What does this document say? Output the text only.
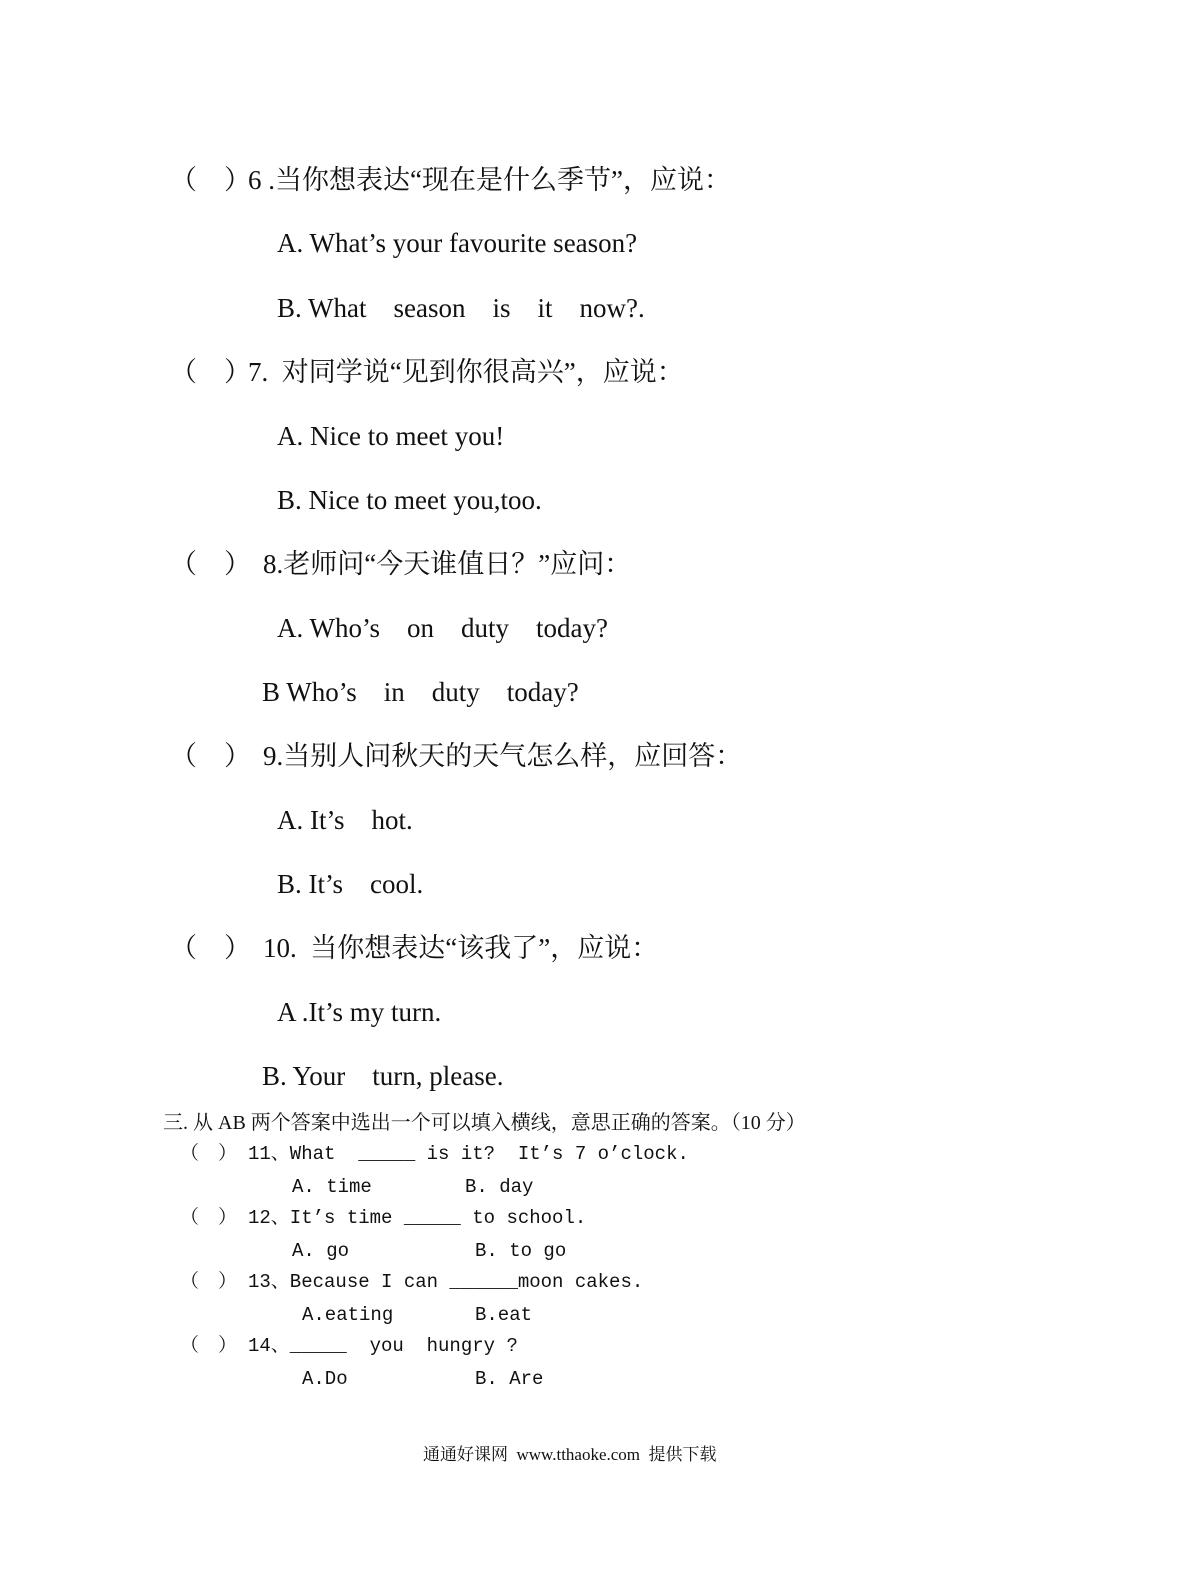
（　）
6 .当你想表达“现在是什么季节”，应说：
A. What’s your favourite season?
B. What    season    is    it    now?.
（　）
7.  对同学说“见到你很高兴”，应说：
A. Nice to meet you!
B. Nice to meet you,too.
（　） 8.老师问“今天谁值日？”应问：
A. Who’s    on    duty    today?
B Who’s    in    duty    today?
（　） 9.当别人问秋天的天气怎么样，应回答：
A. It’s    hot.
B. It’s    cool.
（　） 10.  当你想表达“该我了”，应说：
A .It’s my turn.
B. Your    turn, please.
三. 从 AB 两个答案中选出一个可以填入横线，意思正确的答案。（10 分）
（　） 11、What  _____ is it?  It’s 7 o’clock.
A. time	B. day
（　） 12、It’s time _____ to school.
A. go	B. to go
（　） 13、Because I can ______moon cakes.
A.eating	B.eat
（　） 14、_____  you  hungry ?
A.Do	B. Are
通通好课网  www.tthaoke.com  提供下载
